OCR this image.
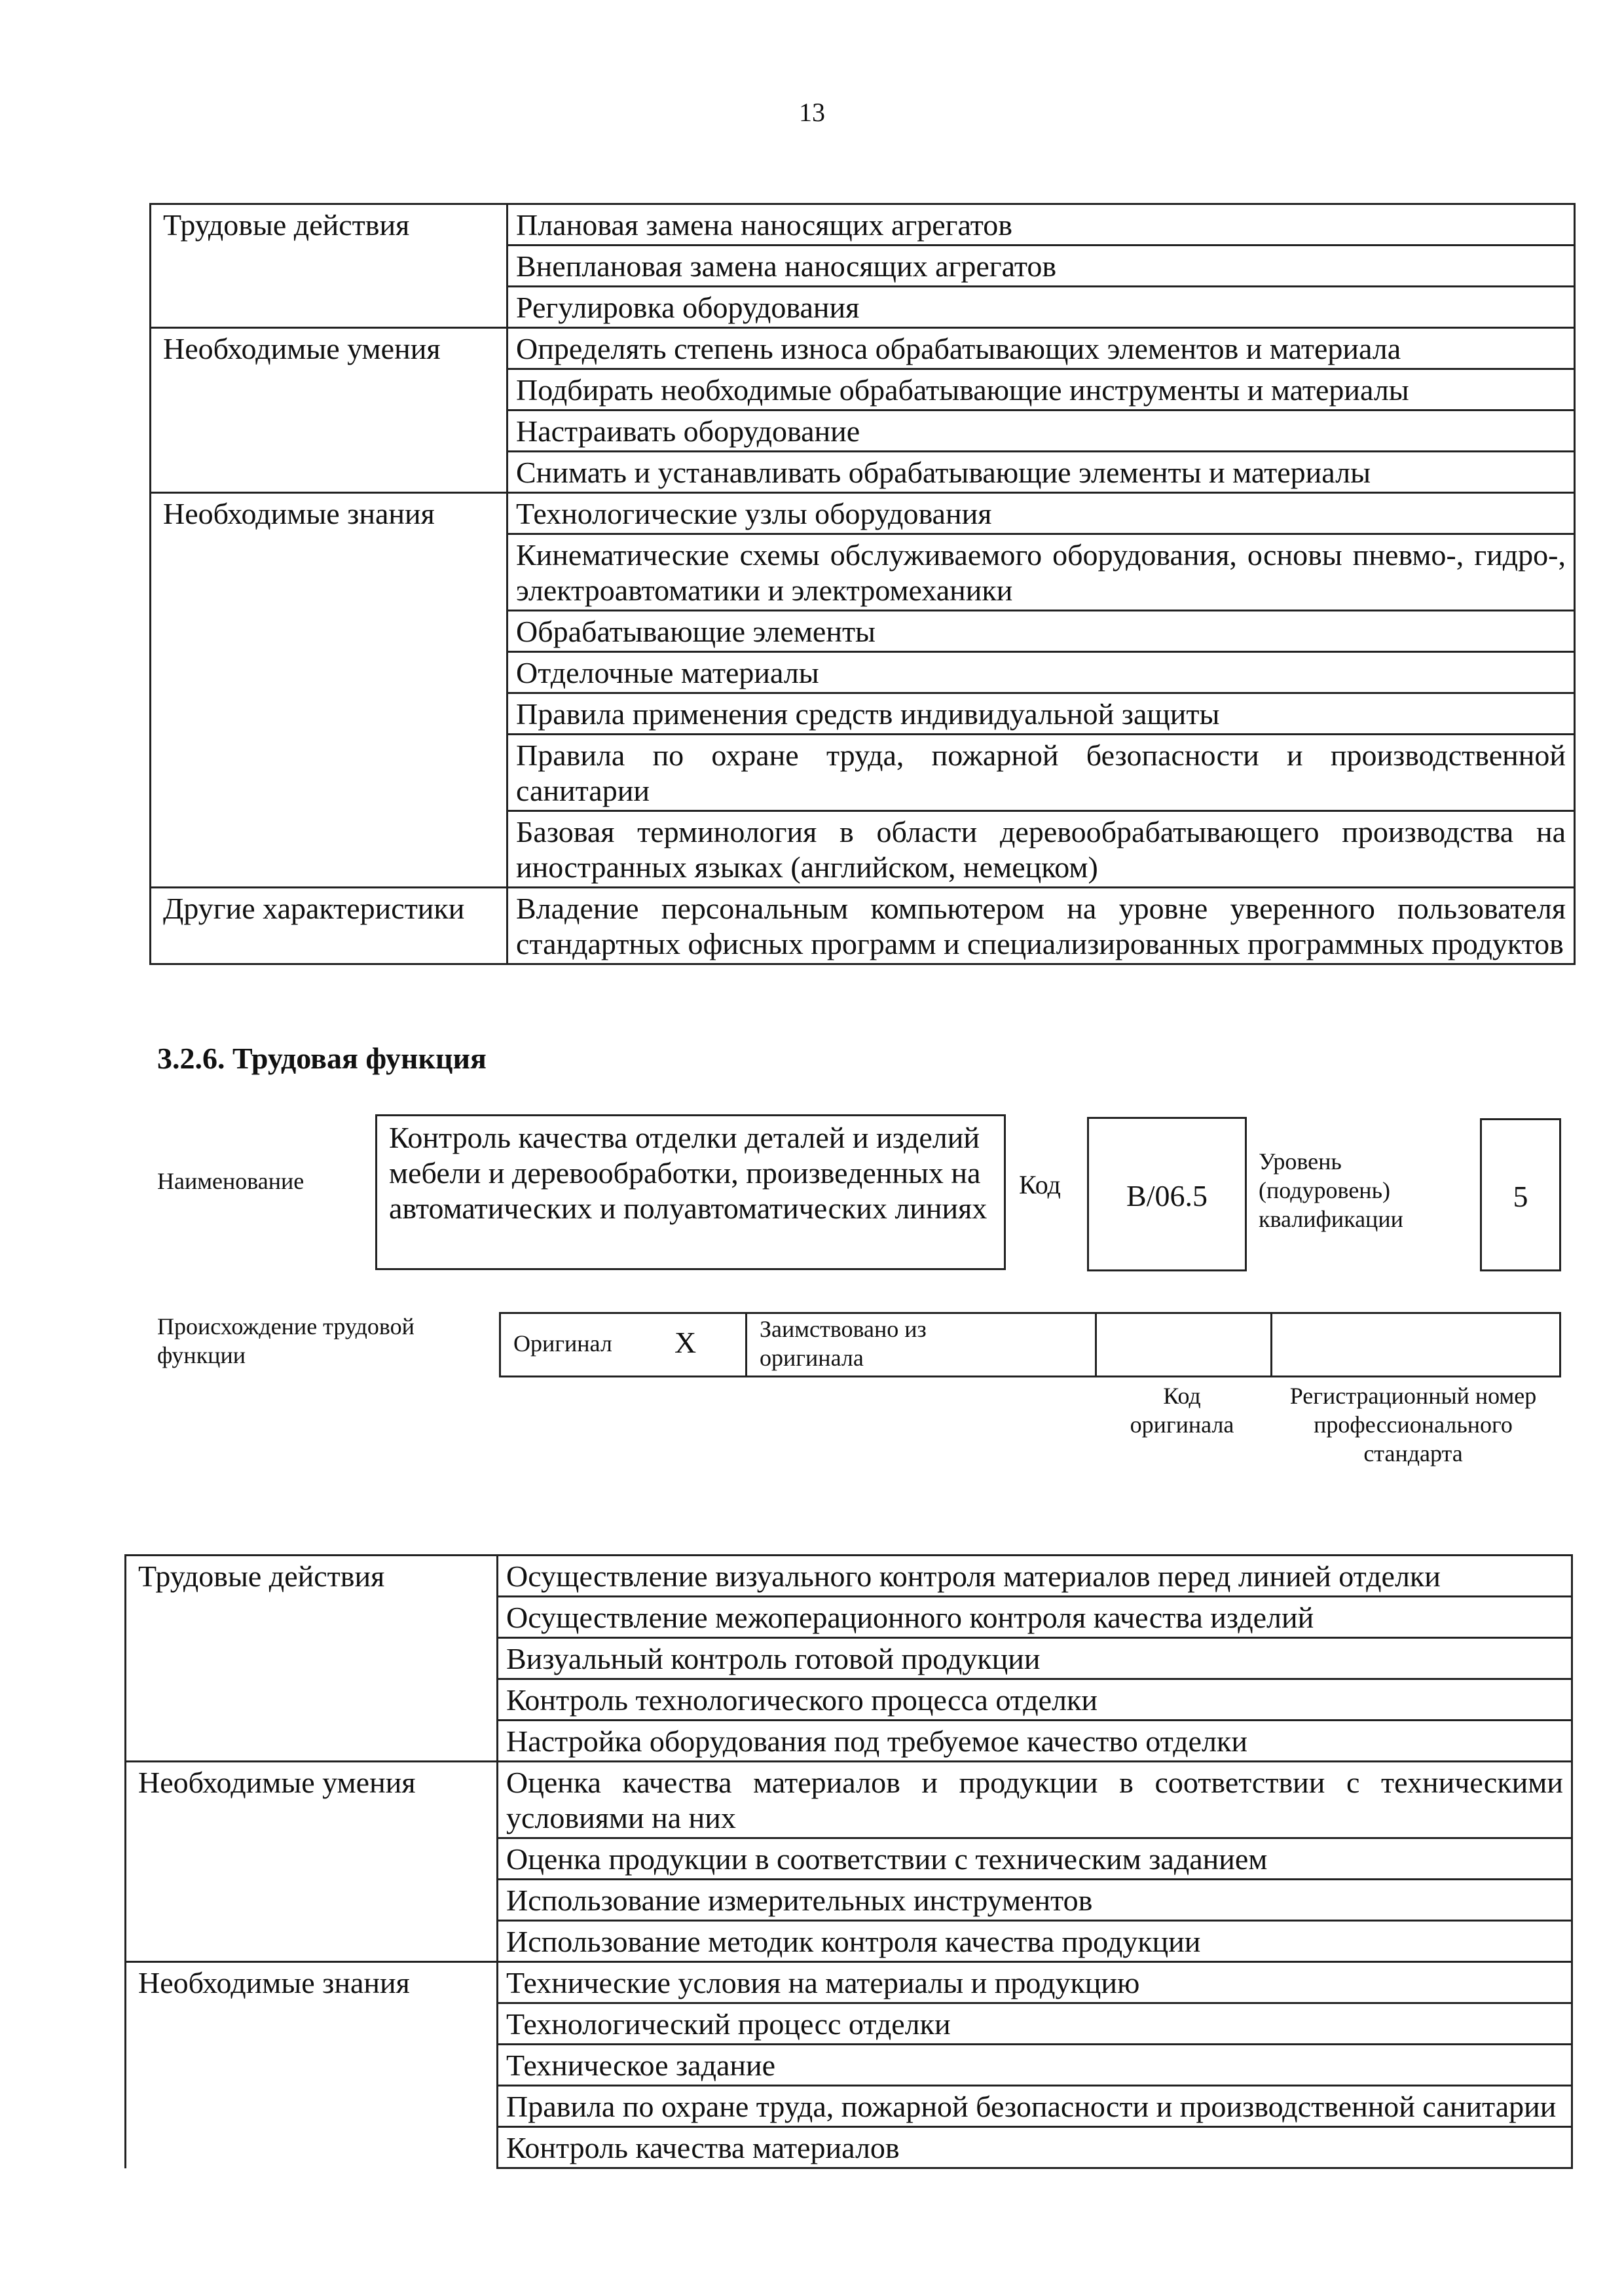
13
Трудовые действия	Плановая замена наносящих агрегатов
	Внеплановая замена наносящих агрегатов
	Регулировка оборудования
Необходимые умения	Определять степень износа обрабатывающих элементов и материала
	Подбирать необходимые обрабатывающие инструменты и материалы
	Настраивать оборудование
	Снимать и устанавливать обрабатывающие элементы и материалы
Необходимые знания	Технологические узлы оборудования
	Кинематические схемы обслуживаемого оборудования, основы пневмо-, гидро-, электроавтоматики и электромеханики
	Обрабатывающие элементы
	Отделочные материалы
	Правила применения средств индивидуальной защиты
	Правила по охране труда, пожарной безопасности и производственной санитарии
	Базовая терминология в области деревообрабатывающего производства на иностранных языках (английском, немецком)
Другие характеристики	Владение персональным компьютером на уровне уверенного пользователя стандартных офисных программ и специализированных программных продуктов
3.2.6. Трудовая функция
Наименование
Контроль качества отделки деталей и изделий мебели и деревообработки, произведенных на автоматических и полуавтоматических линиях
Код	B/06.5
Уровень (подуровень) квалификации
5
Происхождение трудовой функции	Оригинал X	Заимствовано из оригинала
Код оригинала
Регистрационный номер профессионального стандарта
Трудовые действия	Осуществление визуального контроля материалов перед линией отделки
	Осуществление межоперационного контроля качества изделий
	Визуальный контроль готовой продукции
	Контроль технологического процесса отделки
	Настройка оборудования под требуемое качество отделки
Необходимые умения	Оценка качества материалов и продукции в соответствии с техническими условиями на них
	Оценка продукции в соответствии с техническим заданием
	Использование измерительных инструментов
	Использование методик контроля качества продукции
Необходимые знания	Технические условия на материалы и продукцию
	Технологический процесс отделки
	Техническое задание
	Правила по охране труда, пожарной безопасности и производственной санитарии
	Контроль качества материалов
